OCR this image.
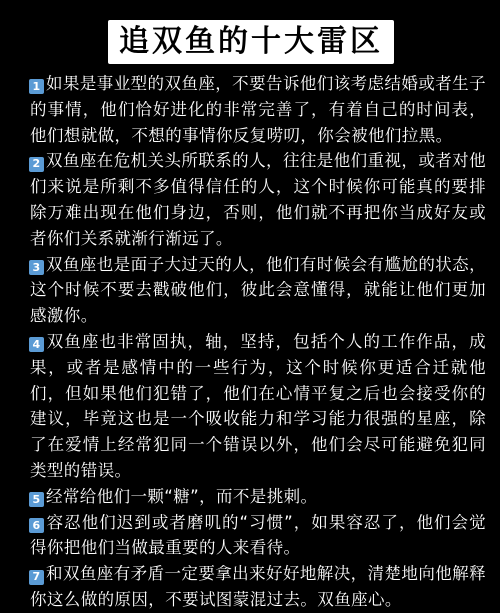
追双鱼的十大雷区

1 如果是事业型的双鱼座，不要告诉他们该考虑结婚或者生子的事情，他们恰好进化的非常完善了，有着自己的时间表，他们想就做，不想的事情你反复唠叨，你会被他们拉黑。

2 双鱼座在危机关头所联系的人，往往是他们重视，或者对他们来说是所剩不多值得信任的人，这个时候你可能真的要排除万难出现在他们身边，否则，他们就不再把你当成好友或者你们关系就渐行渐远了。

3 双鱼座也是面子大过天的人，他们有时候会有尴尬的状态，这个时候不要去戳破他们，彼此会意懂得，就能让他们更加感激你。

4 双鱼座也非常固执，轴，坚持，包括个人的工作作品，成果，或者是感情中的一些行为，这个时候你更适合迁就他们，但如果他们犯错了，他们在心情平复之后也会接受你的建议，毕竟这也是一个吸收能力和学习能力很强的星座，除了在爱情上经常犯同一个错误以外，他们会尽可能避免犯同类型的错误。

5 经常给他们一颗“糖”，而不是挑刺。

6 容忍他们迟到或者磨叽的“习惯”，如果容忍了，他们会觉得你把他们当做最重要的人来看待。

7 和双鱼座有矛盾一定要拿出来好好地解决，清楚地向他解释你这么做的原因，不要试图蒙混过去。双鱼座心。
